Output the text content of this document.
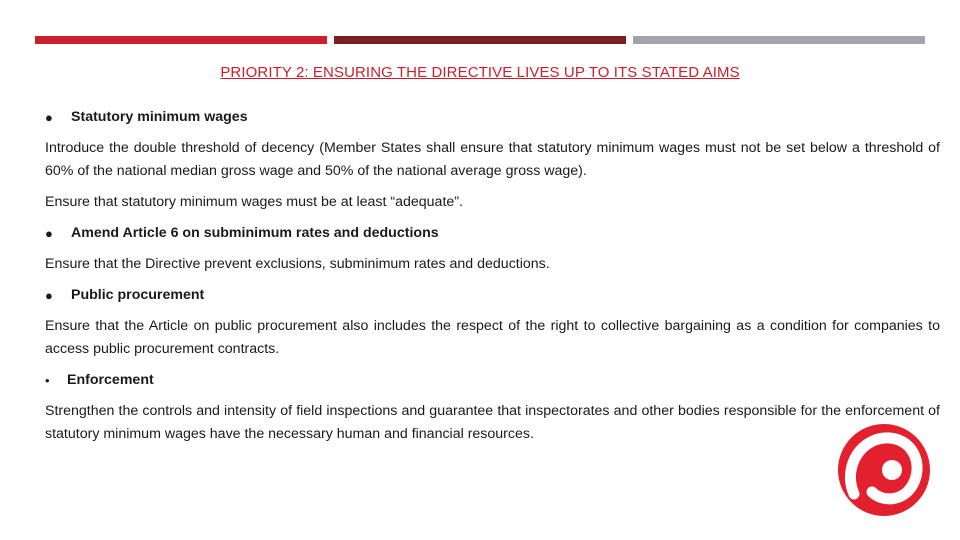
PRIORITY 2: ENSURING THE DIRECTIVE LIVES UP TO ITS STATED AIMS
●	Statutory minimum wages

Introduce the double threshold of decency (Member States shall ensure that statutory minimum wages must not be set below a threshold of 60% of the national median gross wage and 50% of the national average gross wage).

Ensure that statutory minimum wages must be at least “adequate”.

●	Amend Article 6 on subminimum rates and deductions

Ensure that the Directive prevent exclusions, subminimum rates and deductions.

●	Public procurement

Ensure that the Article on public procurement also includes the respect of the right to collective bargaining as a condition for companies to access public procurement contracts.

•	Enforcement

Strengthen the controls and intensity of field inspections and guarantee that inspectorates and other bodies responsible for the enforcement of statutory minimum wages have the necessary human and financial resources.
